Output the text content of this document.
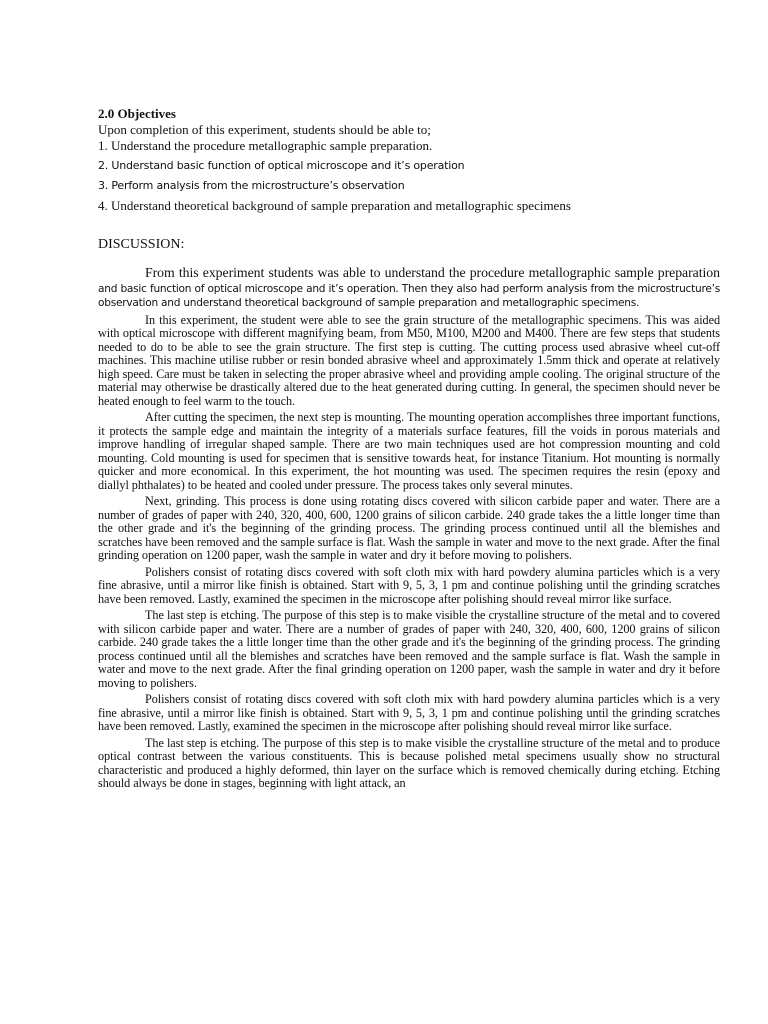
2.0 Objectives

Upon completion of this experiment, students should be able to;

1. Understand the procedure metallographic sample preparation.
2. Understand basic function of optical microscope and it’s operation
3. Perform analysis from the microstructure’s observation
4. Understand theoretical background of sample preparation and metallographic specimens

DISCUSSION:

From this experiment students was able to understand the procedure metallographic sample preparation and basic function of optical microscope and it’s operation. Then they also had perform analysis from the microstructure’s observation and understand theoretical background of sample preparation and metallographic specimens.

In this experiment, the student were able to see the grain structure of the metallographic specimens. This was aided with optical microscope with different magnifying beam, from M50, M100, M200 and M400. There are few steps that students needed to do to be able to see the grain structure. The first step is cutting. The cutting process used abrasive wheel cut-off machines. This machine utilise rubber or resin bonded abrasive wheel and approximately 1.5mm thick and operate at relatively high speed. Care must be taken in selecting the proper abrasive wheel and providing ample cooling. The original structure of the material may otherwise be drastically altered due to the heat generated during cutting. In general, the specimen should never be heated enough to feel warm to the touch.

After cutting the specimen, the next step is mounting. The mounting operation accomplishes three important functions, it protects the sample edge and maintain the integrity of a materials surface features, fill the voids in porous materials and improve handling of irregular shaped sample. There are two main techniques used are hot compression mounting and cold mounting. Cold mounting is used for specimen that is sensitive towards heat, for instance Titanium. Hot mounting is normally quicker and more economical. In this experiment, the hot mounting was used. The specimen requires the resin (epoxy and diallyl phthalates) to be heated and cooled under pressure. The process takes only several minutes.

Next, grinding. This process is done using rotating discs covered with silicon carbide paper and water. There are a number of grades of paper with 240, 320, 400, 600, 1200 grains of silicon carbide. 240 grade takes the a little longer time than the other grade and it's the beginning of the grinding process. The grinding process continued until all the blemishes and scratches have been removed and the sample surface is flat. Wash the sample in water and move to the next grade. After the final grinding operation on 1200 paper, wash the sample in water and dry it before moving to polishers.

Polishers consist of rotating discs covered with soft cloth mix with hard powdery alumina particles which is a very fine abrasive, until a mirror like finish is obtained. Start with 9, 5, 3, 1 pm and continue polishing until the grinding scratches have been removed. Lastly, examined the specimen in the microscope after polishing should reveal mirror like surface.

The last step is etching. The purpose of this step is to make visible the crystalline structure of the metal and to covered with silicon carbide paper and water. There are a number of grades of paper with 240, 320, 400, 600, 1200 grains of silicon carbide. 240 grade takes the a little longer time than the other grade and it's the beginning of the grinding process. The grinding process continued until all the blemishes and scratches have been removed and the sample surface is flat. Wash the sample in water and move to the next grade. After the final grinding operation on 1200 paper, wash the sample in water and dry it before moving to polishers.

Polishers consist of rotating discs covered with soft cloth mix with hard powdery alumina particles which is a very fine abrasive, until a mirror like finish is obtained. Start with 9, 5, 3, 1 pm and continue polishing until the grinding scratches have been removed. Lastly, examined the specimen in the microscope after polishing should reveal mirror like surface.

The last step is etching. The purpose of this step is to make visible the crystalline structure of the metal and to produce optical contrast between the various constituents. This is because polished metal specimens usually show no structural characteristic and produced a highly deformed, thin layer on the surface which is removed chemically during etching. Etching should always be done in stages, beginning with light attack, an
